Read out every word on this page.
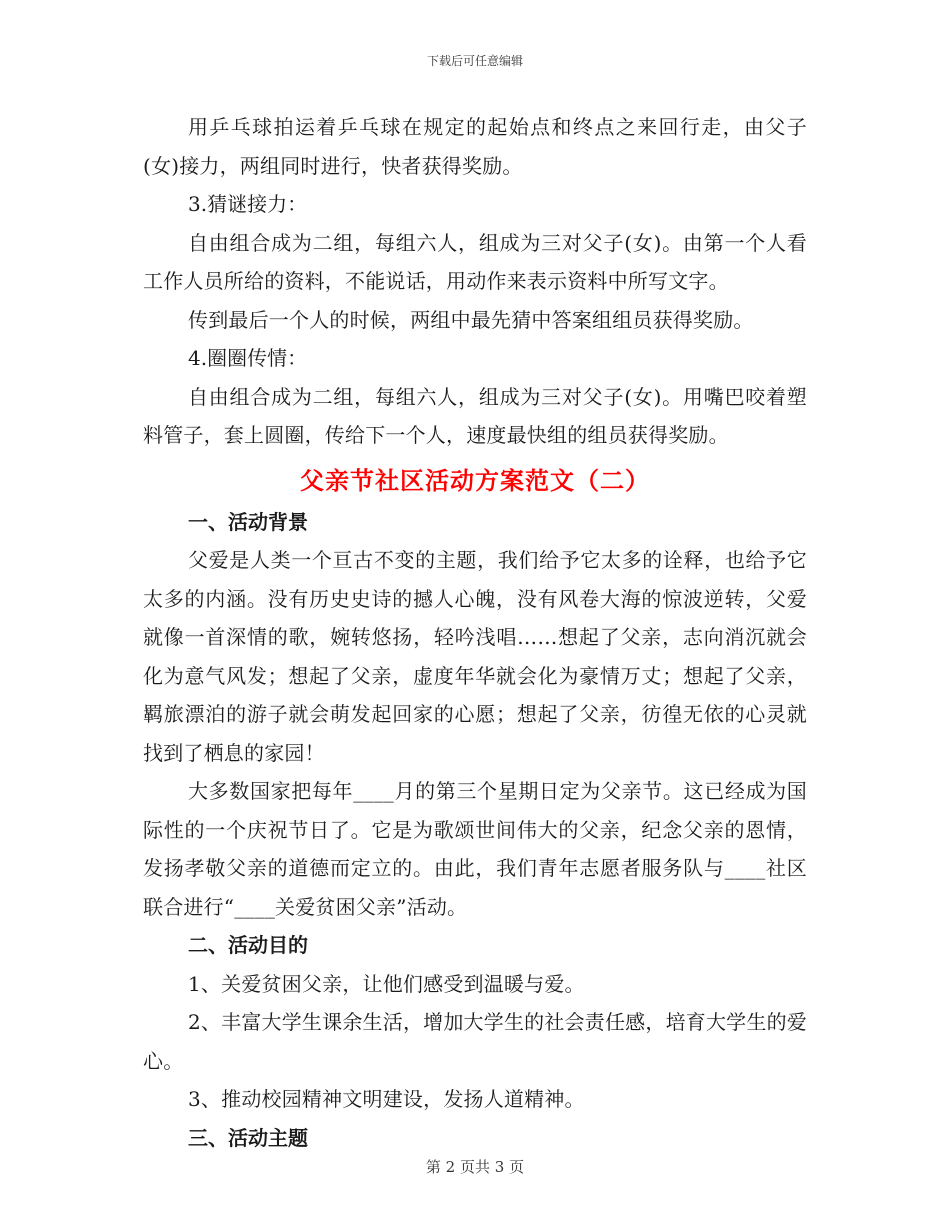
下载后可任意编辑

用乒乓球拍运着乒乓球在规定的起始点和终点之来回行走，由父子(女)接力，两组同时进行，快者获得奖励。

3.猜谜接力：

自由组合成为二组，每组六人，组成为三对父子(女)。由第一个人看工作人员所给的资料，不能说话，用动作来表示资料中所写文字。

传到最后一个人的时候，两组中最先猜中答案组组员获得奖励。

4.圈圈传情：

自由组合成为二组，每组六人，组成为三对父子(女)。用嘴巴咬着塑料管子，套上圆圈，传给下一个人，速度最快组的组员获得奖励。

父亲节社区活动方案范文（二）

一、活动背景

父爱是人类一个亘古不变的主题，我们给予它太多的诠释，也给予它太多的内涵。没有历史史诗的撼人心魄，没有风卷大海的惊波逆转，父爱就像一首深情的歌，婉转悠扬，轻吟浅唱……想起了父亲，志向消沉就会化为意气风发；想起了父亲，虚度年华就会化为豪情万丈；想起了父亲，羁旅漂泊的游子就会萌发起回家的心愿；想起了父亲，彷徨无依的心灵就找到了栖息的家园！

大多数国家把每年____月的第三个星期日定为父亲节。这已经成为国际性的一个庆祝节日了。它是为歌颂世间伟大的父亲，纪念父亲的恩情，发扬孝敬父亲的道德而定立的。由此，我们青年志愿者服务队与____社区联合进行“____关爱贫困父亲”活动。

二、活动目的

1、关爱贫困父亲，让他们感受到温暖与爱。

2、丰富大学生课余生活，增加大学生的社会责任感，培育大学生的爱心。

3、推动校园精神文明建设，发扬人道精神。

三、活动主题

第 2 页共 3 页
